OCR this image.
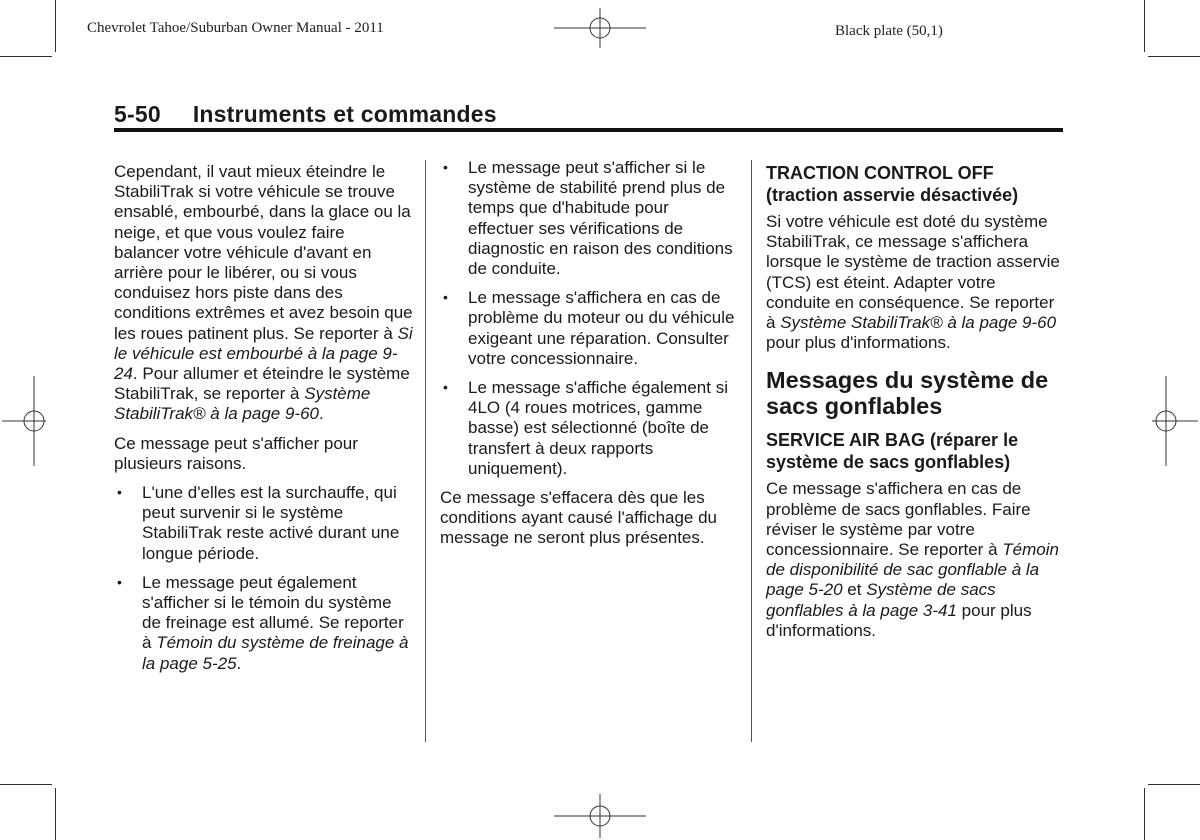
Chevrolet Tahoe/Suburban Owner Manual - 2011	Black plate (50,1)
5-50 Instruments et commandes

Cependant, il vaut mieux éteindre le StabiliTrak si votre véhicule se trouve ensablé, embourbé, dans la glace ou la neige, et que vous voulez faire balancer votre véhicule d'avant en arrière pour le libérer, ou si vous conduisez hors piste dans des conditions extrêmes et avez besoin que les roues patinent plus. Se reporter à Si le véhicule est embourbé à la page 9-24. Pour allumer et éteindre le système StabiliTrak, se reporter à Système StabiliTrak® à la page 9-60.

Ce message peut s'afficher pour plusieurs raisons.

• L'une d'elles est la surchauffe, qui peut survenir si le système StabiliTrak reste activé durant une longue période.
• Le message peut également s'afficher si le témoin du système de freinage est allumé. Se reporter à Témoin du système de freinage à la page 5-25.
• Le message peut s'afficher si le système de stabilité prend plus de temps que d'habitude pour effectuer ses vérifications de diagnostic en raison des conditions de conduite.
• Le message s'affichera en cas de problème du moteur ou du véhicule exigeant une réparation. Consulter votre concessionnaire.
• Le message s'affiche également si 4LO (4 roues motrices, gamme basse) est sélectionné (boîte de transfert à deux rapports uniquement).

Ce message s'effacera dès que les conditions ayant causé l'affichage du message ne seront plus présentes.

TRACTION CONTROL OFF (traction asservie désactivée)

Si votre véhicule est doté du système StabiliTrak, ce message s'affichera lorsque le système de traction asservie (TCS) est éteint. Adapter votre conduite en conséquence. Se reporter à Système StabiliTrak® à la page 9-60 pour plus d'informations.

Messages du système de sacs gonflables
SERVICE AIR BAG (réparer le système de sacs gonflables)

Ce message s'affichera en cas de problème de sacs gonflables. Faire réviser le système par votre concessionnaire. Se reporter à Témoin de disponibilité de sac gonflable à la page 5-20 et Système de sacs gonflables à la page 3-41 pour plus d'informations.
